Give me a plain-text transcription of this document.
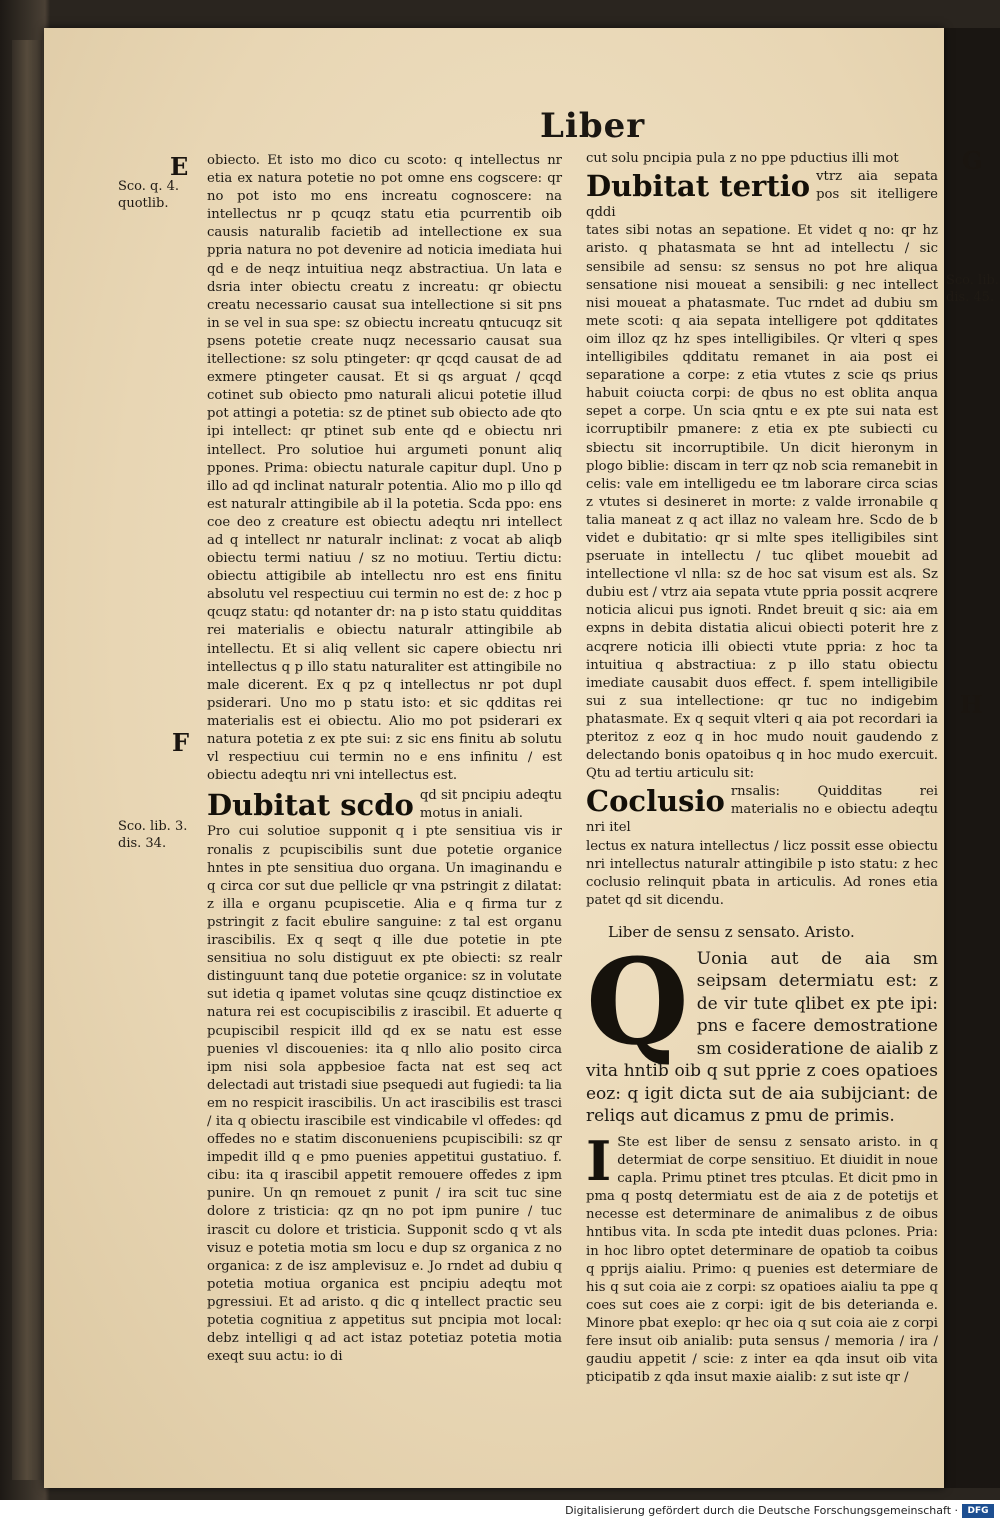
Liber
E
Sco. q. 4.
quotlib.
F
Sco. lib. 3.
dis. 34.
G
Sco. lib.
dis. 45.
H

obiecto. Et isto mo dico cu scoto: q intellectus nr etia ex natura potetie no pot omne ens cogscere: qr no pot isto mo ens increatu cognoscere: na intellectus nr p qcuqz statu etia pcurrentib oib causis naturalib facietib ad intellectione ex sua ppria natura no pot devenire ad noticia imediata hui qd e de neqz intuitiua neqz abstractiua. Un lata e dsria inter obiectu creatu z increatu: qr obiectu creatu necessario causat sua intellectione si sit pns in se vel in sua spe: sz obiectu increatu qntucuqz sit psens potetie create nuqz necessario causat sua itellectione: sz solu ptingeter: qr qcqd causat de ad exmere ptingeter causat. Et si qs arguat / qcqd cotinet sub obiecto pmo naturali alicui potetie illud pot attingi a potetia: sz de ptinet sub obiecto ade qto ipi intellect: qr ptinet sub ente qd e obiectu nri intellect. Pro solutioe hui argumeti ponunt aliq ppones. Prima: obiectu naturale capitur dupl. Uno p illo ad qd inclinat naturalr potentia. Alio mo p illo qd est naturalr attingibile ab il la potetia. Scda ppo: ens coe deo z creature est obiectu adeqtu nri intellect ad q intellect nr naturalr inclinat: z vocat ab aliqb obiectu termi natiuu / sz no motiuu. Tertiu dictu: obiectu attigibile ab intellectu nro est ens finitu absolutu vel respectiuu cui termin no est de: z hoc p qcuqz statu: qd notanter dr: na p isto statu quidditas rei materialis e obiectu naturalr attingibile ab intellectu. Et si aliq vellent sic capere obiectu nri intellectus q p illo statu naturaliter est attingibile no male dicerent. Ex q pz q intellectus nr pot dupl psiderari. Uno mo p statu isto: et sic qdditas rei materialis est ei obiectu. Alio mo pot psiderari ex natura potetia z ex pte sui: z sic ens finitu ab solutu vl respectiuu cui termin no e ens infinitu / est obiectu adeqtu nri vni intellectus est.

Dubitat scdo qd sit pncipiu adeqtu motus in aniali.

Pro cui solutioe supponit q i pte sensitiua vis ir ronalis z pcupiscibilis sunt due potetie organice hntes in pte sensitiua duo organa. Un imaginandu e q circa cor sut due pellicle qr vna pstringit z dilatat: z illa e organu pcupiscetie. Alia e q firma tur z pstringit z facit ebulire sanguine: z tal est organu irascibilis. Ex q seqt q ille due potetie in pte sensitiua no solu distiguut ex pte obiecti: sz realr distinguunt tanq due potetie organice: sz in volutate sut idetia q ipamet volutas sine qcuqz distinctioe ex natura rei est cocupiscibilis z irascibil. Et aduerte q pcupiscibil respicit illd qd ex se natu est esse puenies vl discouenies: ita q nllo alio posito circa ipm nisi sola appbesioe facta nat est seq act delectadi aut tristadi siue psequedi aut fugiedi: ta lia em no respicit irascibilis. Un act irascibilis est trasci / ita q obiectu irascibile est vindicabile vl offedes: qd offedes no e statim disconueniens pcupiscibili: sz qr impedit illd q e pmo puenies appetitui gustatiuo. f. cibu: ita q irascibil appetit remouere offedes z ipm punire. Un qn remouet z punit / ira scit tuc sine dolore z tristicia: qz qn no pot ipm punire / tuc irascit cu dolore et tristicia. Supponit scdo q vt als visuz e potetia motia sm locu e dup sz organica z no organica: z de isz amplevisuz e. Jo rndet ad dubiu q potetia motiua organica est pncipiu adeqtu mot pgressiui. Et ad aristo. q dic q intellect practic seu potetia cognitiua z appetitus sut pncipia mot local: debz intelligi q ad act istaz potetiaz potetia motia exeqt suu actu: io di

cut solu pncipia pula z no ppe pductius illi mot

Dubitat tertio vtrz aia sepata pos sit itelligere qddi

tates sibi notas an sepatione. Et videt q no: qr hz aristo. q phatasmata se hnt ad intellectu / sic sensibile ad sensu: sz sensus no pot hre aliqua sensatione nisi moueat a sensibili: g nec intellect nisi moueat a phatasmate. Tuc rndet ad dubiu sm mete scoti: q aia sepata intelligere pot qdditates oim illoz qz hz spes intelligibiles. Qr vlteri q spes intelligibiles qdditatu remanet in aia post ei separatione a corpe: z etia vtutes z scie qs prius habuit coiucta corpi: de qbus no est oblita anqua sepet a corpe. Un scia qntu e ex pte sui nata est icorruptibilr pmanere: z etia ex pte subiecti cu sbiectu sit incorruptibile. Un dicit hieronym in plogo biblie: discam in terr qz nob scia remanebit in celis: vale em intelligedu ee tm laborare circa scias z vtutes si desineret in morte: z valde irronabile q talia maneat z q act illaz no valeam hre. Scdo de b videt e dubitatio: qr si mlte spes itelligibiles sint pseruate in intellectu / tuc qlibet mouebit ad intellectione vl nlla: sz de hoc sat visum est als. Sz dubiu est / vtrz aia sepata vtute ppria possit acqrere noticia alicui pus ignoti. Rndet breuit q sic: aia em expns in debita distatia alicui obiecti poterit hre z acqrere noticia illi obiecti vtute ppria: z hoc ta intuitiua q abstractiua: z p illo statu obiectu imediate causabit duos effect. f. spem intelligibile sui z sua intellectione: qr tuc no indigebim phatasmate. Ex q sequit vlteri q aia pot recordari ia pteritoz z eoz q in hoc mudo nouit gaudendo z delectando bonis opatoibus q in hoc mudo exercuit. Qtu ad tertiu articulu sit:

Coclusio rnsalis: Quidditas rei materialis no e obiectu adeqtu nri itel

lectus ex natura intellectus / licz possit esse obiectu nri intellectus naturalr attingibile p isto statu: z hec coclusio relinquit pbata in articulis. Ad rones etia patet qd sit dicendu.

Liber de sensu z sensato. Aristo.
Q Uonia aut de aia sm seipsam determiatu est: z de vir tute qlibet ex pte ipi: pns e facere demostratione sm cosideratione de aialib z vita hntib oib q sut pprie z coes opatioes eoz: q igit dicta sut de aia subijciant: de reliqs aut dicamus z pmu de primis.
I Ste est liber de sensu z sensato aristo. in q determiat de corpe sensitiuo. Et diuidit in noue capla. Primu ptinet tres ptculas. Et dicit pmo in pma q postq determiatu est de aia z de potetijs et necesse est determinare de animalibus z de oibus hntibus vita. In scda pte intedit duas pclones. Pria: in hoc libro optet determinare de opatiob ta coibus q pprijs aialiu. Primo: q puenies est determiare de his q sut coia aie z corpi: sz opatioes aialiu ta ppe q coes sut coes aie z corpi: igit de bis deterianda e. Minore pbat exeplo: qr hec oia q sut coia aie z corpi fere insut oib anialib: puta sensus / memoria / ira / gaudiu appetit / scie: z inter ea qda insut oib vita pticipatib z qda insut maxie aialib: z sut iste qr /
Digitalisierung gefördert durch die Deutsche Forschungsgemeinschaft ·	DFG
